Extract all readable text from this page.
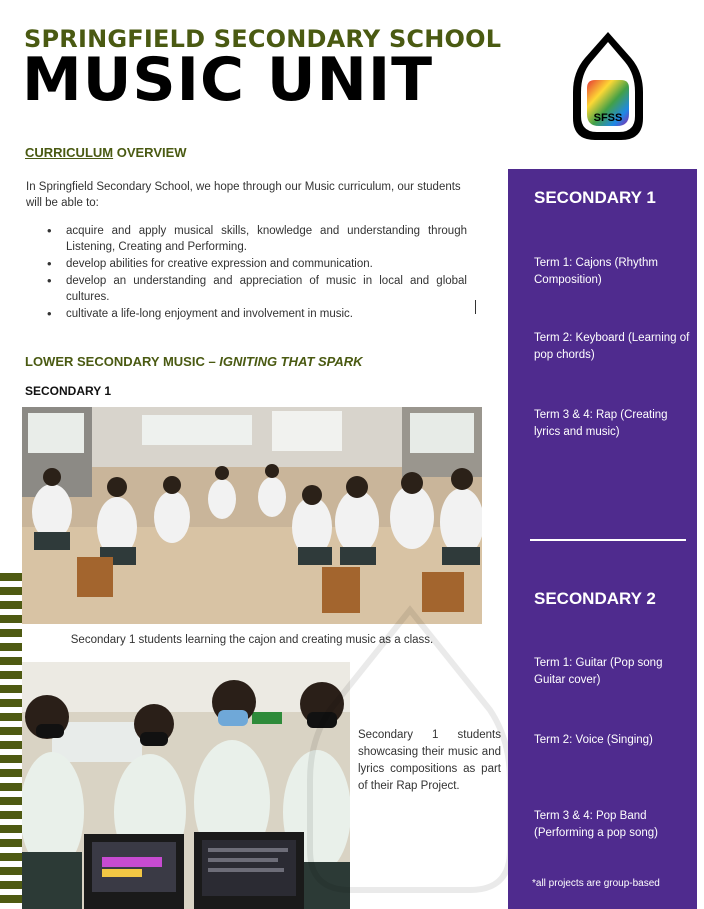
SPRINGFIELD SECONDARY SCHOOL
MUSIC UNIT
SFSS
CURRICULUM OVERVIEW
In Springfield Secondary School, we hope through our Music curriculum, our students will be able to:
• acquire and apply musical skills, knowledge and understanding through Listening, Creating and Performing.
• develop abilities for creative expression and communication.
• develop an understanding and appreciation of music in local and global cultures.
• cultivate a life-long enjoyment and involvement in music.
LOWER SECONDARY MUSIC – IGNITING THAT SPARK
SECONDARY 1
Secondary 1 students learning the cajon and creating music as a class.
Secondary 1 students showcasing their music and lyrics compositions as part of their Rap Project.
SECONDARY 1
Term 1: Cajons (Rhythm Composition)
Term 2: Keyboard (Learning of pop chords)
Term 3 & 4: Rap (Creating lyrics and music)
SECONDARY 2
Term 1: Guitar (Pop song Guitar cover)
Term 2: Voice (Singing)
Term 3 & 4: Pop Band (Performing a pop song)
*all projects are group-based
